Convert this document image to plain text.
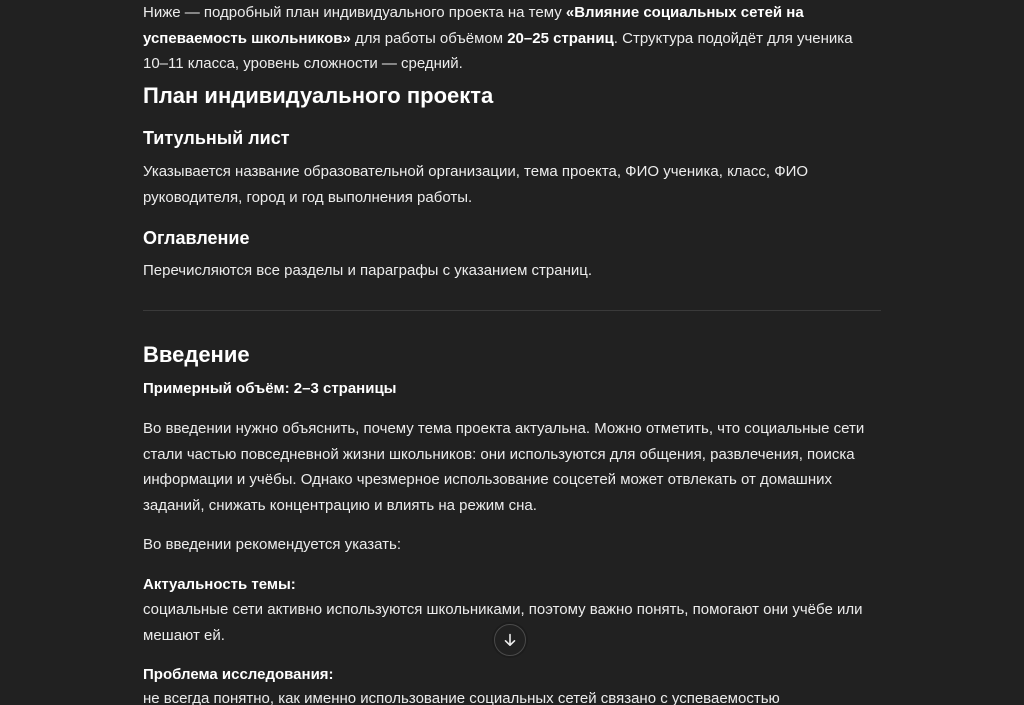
Ниже — подробный план индивидуального проекта на тему «Влияние социальных сетей на успеваемость школьников» для работы объёмом 20–25 страниц. Структура подойдёт для ученика 10–11 класса, уровень сложности — средний.

План индивидуального проекта
Титульный лист

Указывается название образовательной организации, тема проекта, ФИО ученика, класс, ФИО руководителя, город и год выполнения работы.

Оглавление

Перечисляются все разделы и параграфы с указанием страниц.

Введение

Примерный объём: 2–3 страницы

Во введении нужно объяснить, почему тема проекта актуальна. Можно отметить, что социальные сети стали частью повседневной жизни школьников: они используются для общения, развлечения, поиска информации и учёбы. Однако чрезмерное использование соцсетей может отвлекать от домашних заданий, снижать концентрацию и влиять на режим сна.

Во введении рекомендуется указать:

Актуальность темы:

социальные сети активно используются школьниками, поэтому важно понять, помогают они учёбе или мешают ей.

Проблема исследования:

не всегда понятно, как именно использование социальных сетей связано с успеваемостью
